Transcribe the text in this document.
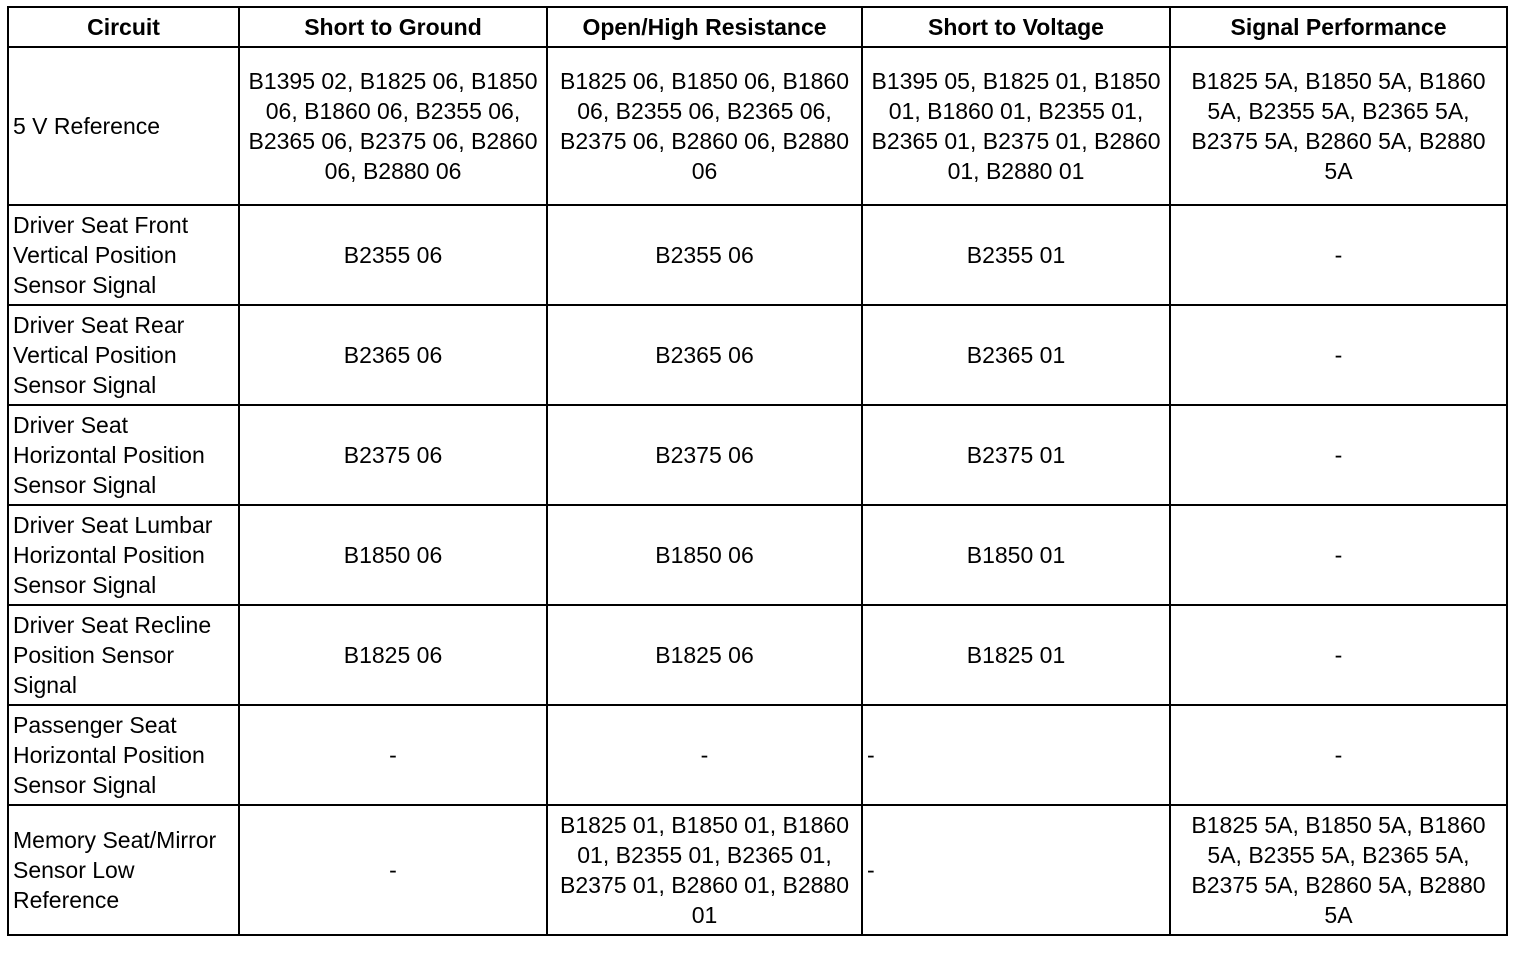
Circuit	Short to Ground	Open/High Resistance	Short to Voltage	Signal Performance
5 V Reference	B1395 02, B1825 06, B1850 06, B1860 06, B2355 06, B2365 06, B2375 06, B2860 06, B2880 06	B1825 06, B1850 06, B1860 06, B2355 06, B2365 06, B2375 06, B2860 06, B2880 06	B1395 05, B1825 01, B1850 01, B1860 01, B2355 01, B2365 01, B2375 01, B2860 01, B2880 01	B1825 5A, B1850 5A, B1860 5A, B2355 5A, B2365 5A, B2375 5A, B2860 5A, B2880 5A
Driver Seat Front Vertical Position Sensor Signal	B2355 06	B2355 06	B2355 01	-
Driver Seat Rear Vertical Position Sensor Signal	B2365 06	B2365 06	B2365 01	-
Driver Seat Horizontal Position Sensor Signal	B2375 06	B2375 06	B2375 01	-
Driver Seat Lumbar Horizontal Position Sensor Signal	B1850 06	B1850 06	B1850 01	-
Driver Seat Recline Position Sensor Signal	B1825 06	B1825 06	B1825 01	-
Passenger Seat Horizontal Position Sensor Signal	-	-	-	-
Memory Seat/Mirror Sensor Low Reference	-	B1825 01, B1850 01, B1860 01, B2355 01, B2365 01, B2375 01, B2860 01, B2880 01	-	B1825 5A, B1850 5A, B1860 5A, B2355 5A, B2365 5A, B2375 5A, B2860 5A, B2880 5A
